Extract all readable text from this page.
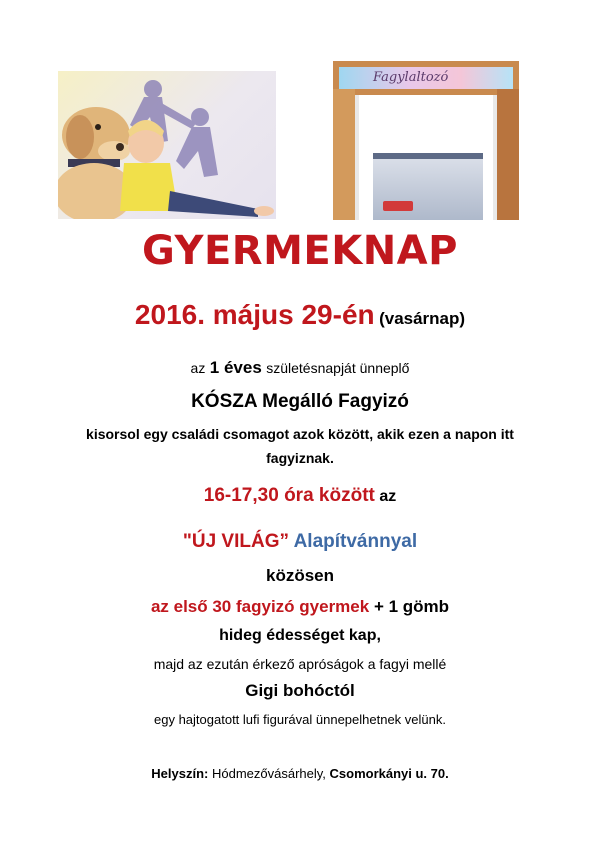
Fagylaltozó
GYERMEKNAP
2016. május 29-én (vasárnap)
az 1 éves születésnapját ünneplő
KÓSZA Megálló Fagyizó
kisorsol egy családi csomagot azok között, akik ezen a napon itt
fagyiznak.
16-17,30 óra között az
"ÚJ VILÁG” Alapítvánnyal
közösen
az első 30 fagyizó gyermek + 1 gömb
hideg édességet kap,
majd az ezután érkező apróságok a fagyi mellé
Gigi bohóctól
egy hajtogatott lufi figurával ünnepelhetnek velünk.
Helyszín: Hódmezővásárhely, Csomorkányi u. 70.
